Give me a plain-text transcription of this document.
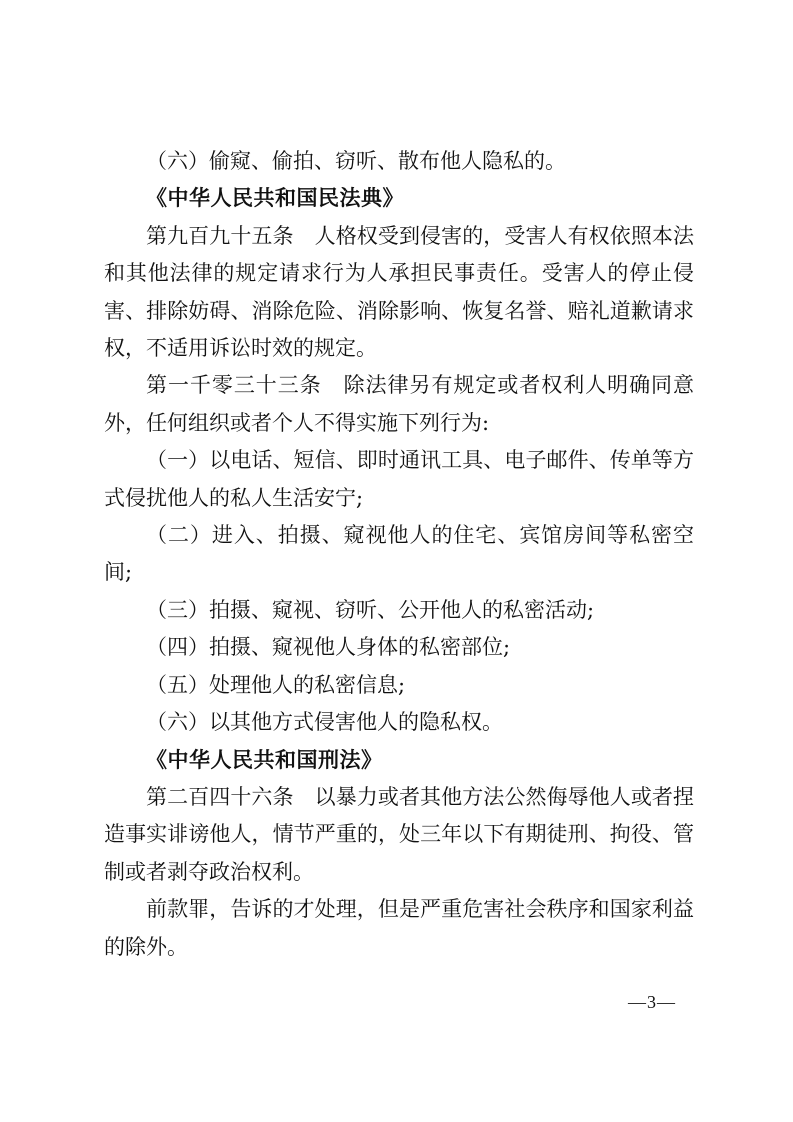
（六）偷窥、偷拍、窃听、散布他人隐私的。

《中华人民共和国民法典》

第九百九十五条　人格权受到侵害的，受害人有权依照本法和其他法律的规定请求行为人承担民事责任。受害人的停止侵害、排除妨碍、消除危险、消除影响、恢复名誉、赔礼道歉请求权，不适用诉讼时效的规定。

第一千零三十三条　除法律另有规定或者权利人明确同意外，任何组织或者个人不得实施下列行为:

（一）以电话、短信、即时通讯工具、电子邮件、传单等方式侵扰他人的私人生活安宁;

（二）进入、拍摄、窥视他人的住宅、宾馆房间等私密空间;

（三）拍摄、窥视、窃听、公开他人的私密活动;

（四）拍摄、窥视他人身体的私密部位;

（五）处理他人的私密信息;

（六）以其他方式侵害他人的隐私权。

《中华人民共和国刑法》

第二百四十六条　以暴力或者其他方法公然侮辱他人或者捏造事实诽谤他人，情节严重的，处三年以下有期徒刑、拘役、管制或者剥夺政治权利。

前款罪，告诉的才处理，但是严重危害社会秩序和国家利益的除外。

—3—
